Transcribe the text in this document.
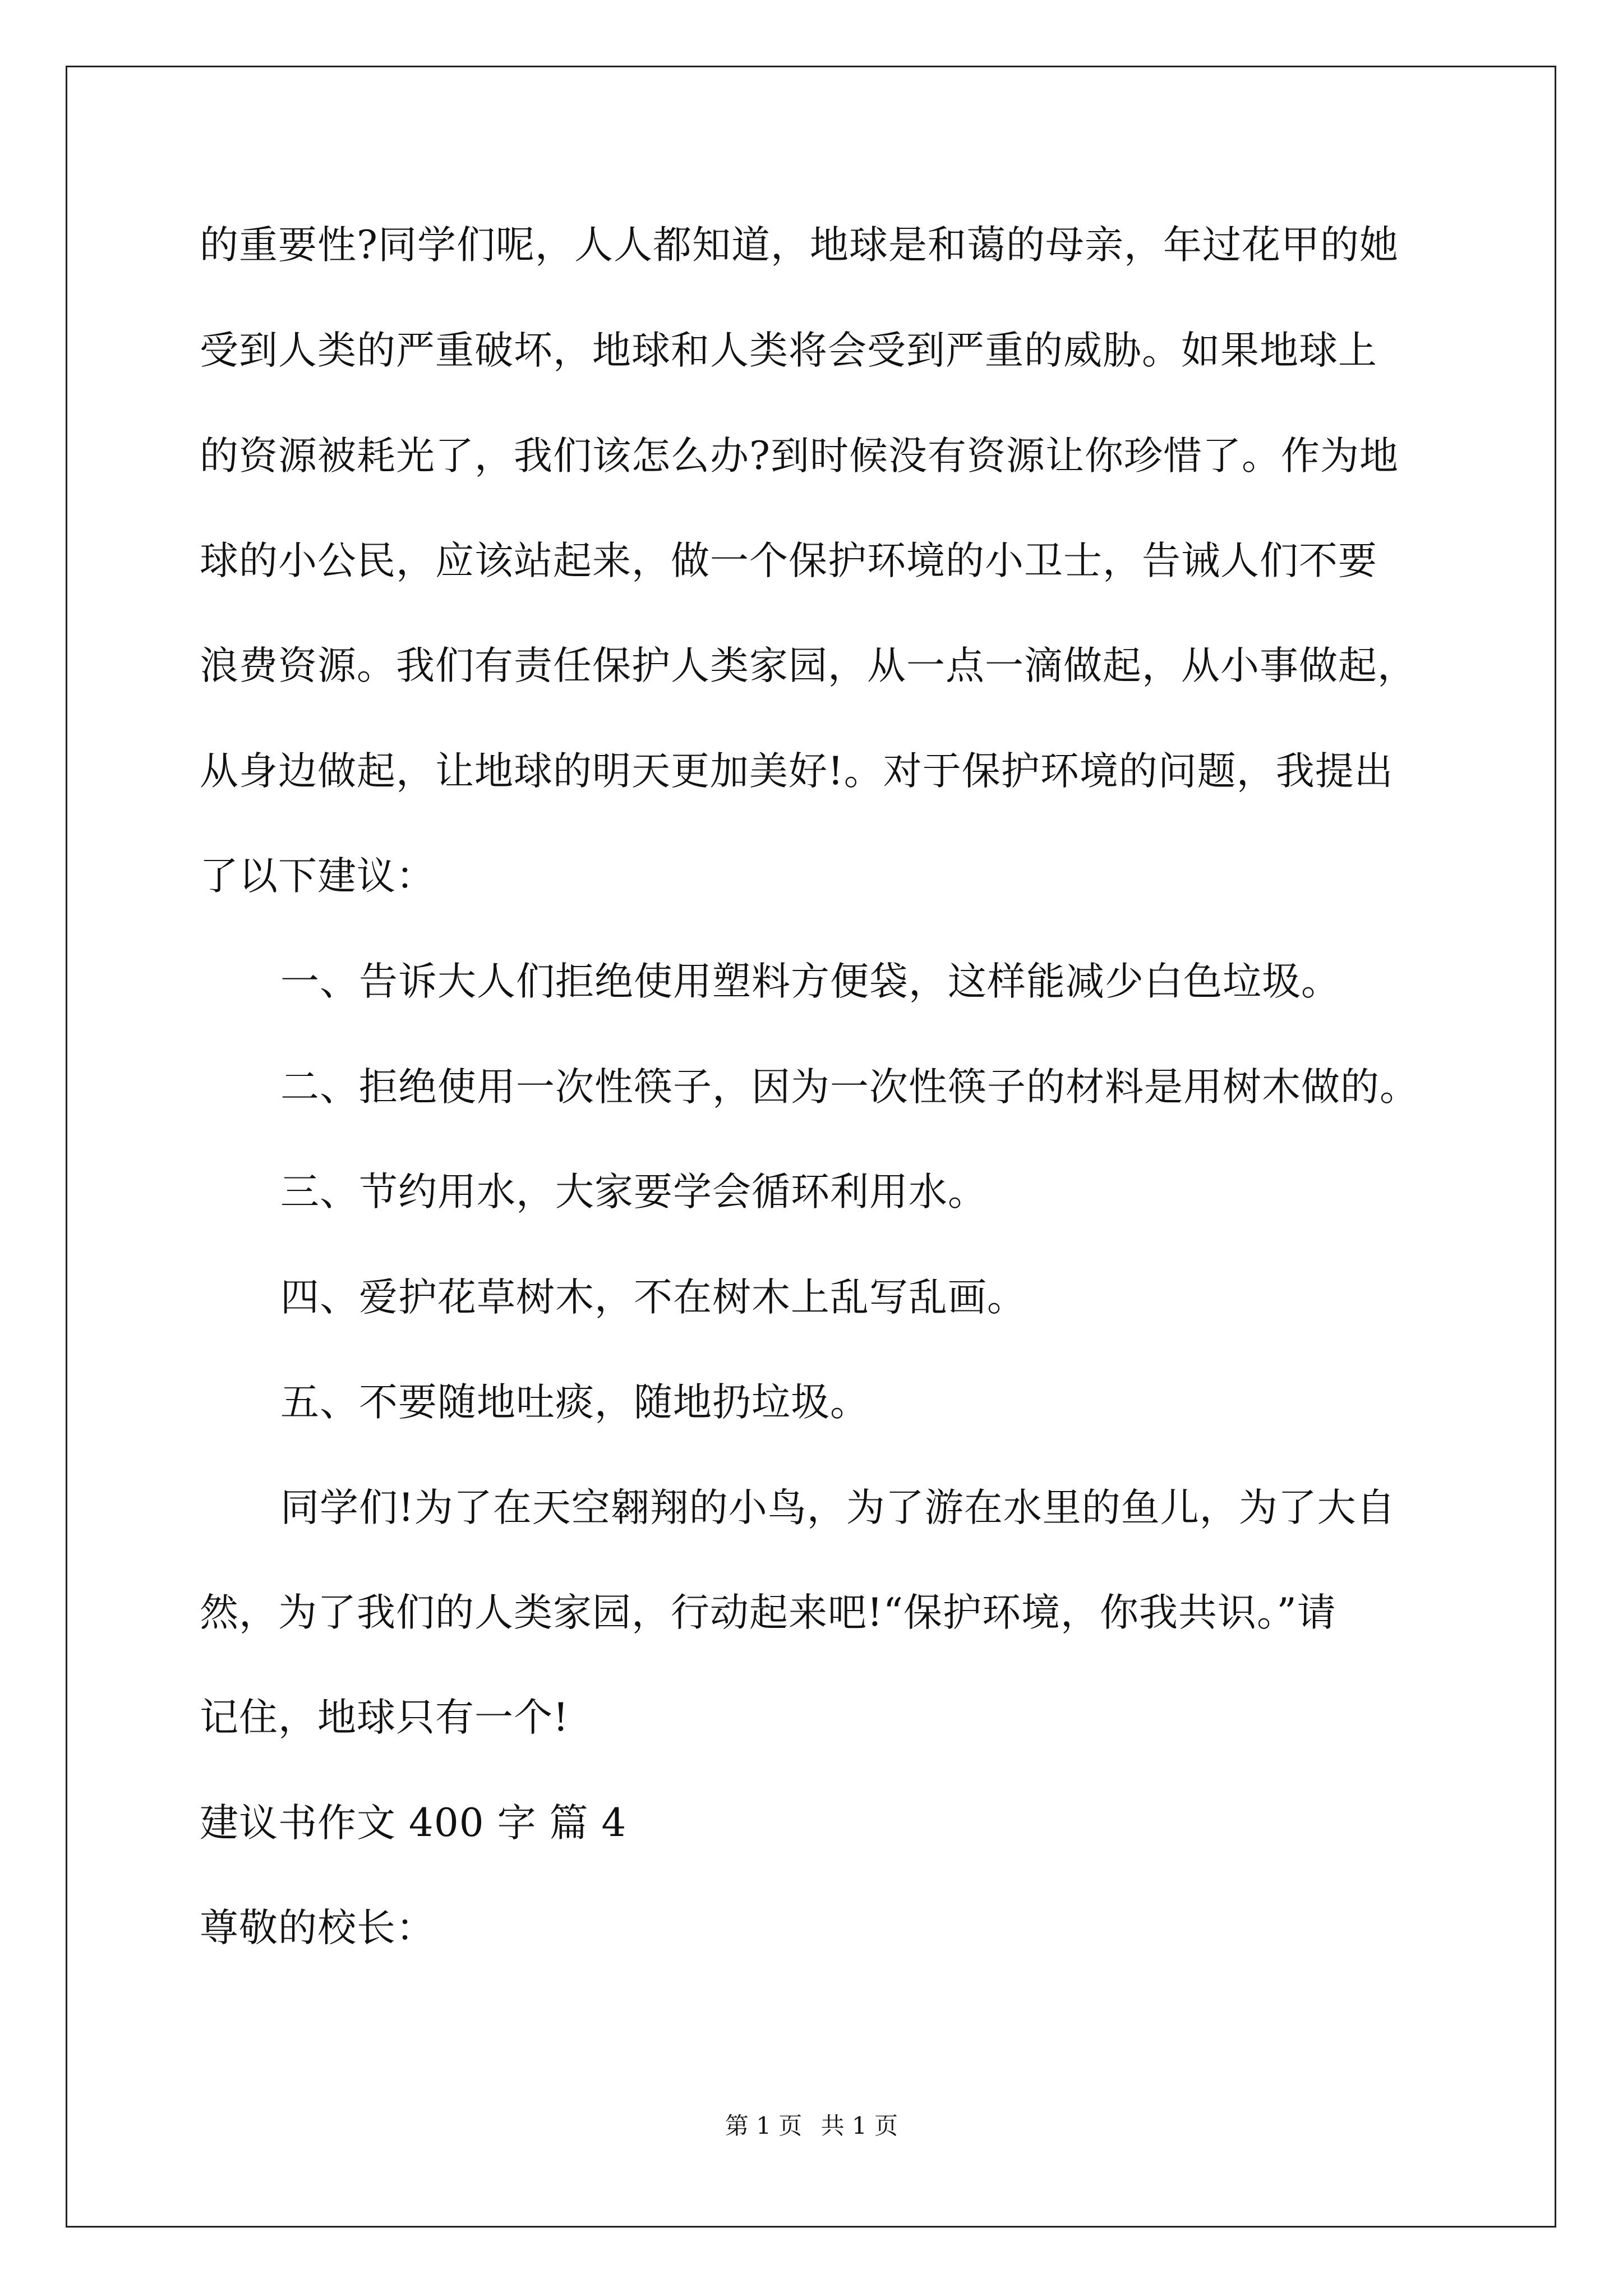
的重要性?同学们呢，人人都知道，地球是和蔼的母亲，年过花甲的她
受到人类的严重破坏，地球和人类将会受到严重的威胁。如果地球上
的资源被耗光了，我们该怎么办?到时候没有资源让你珍惜了。作为地
球的小公民，应该站起来，做一个保护环境的小卫士，告诫人们不要
浪费资源。我们有责任保护人类家园，从一点一滴做起，从小事做起，
从身边做起，让地球的明天更加美好!。对于保护环境的问题，我提出
了以下建议：
一、告诉大人们拒绝使用塑料方便袋，这样能减少白色垃圾。
二、拒绝使用一次性筷子，因为一次性筷子的材料是用树木做的。
三、节约用水，大家要学会循环利用水。
四、爱护花草树木，不在树木上乱写乱画。
五、不要随地吐痰，随地扔垃圾。
同学们!为了在天空翱翔的小鸟，为了游在水里的鱼儿，为了大自
然，为了我们的人类家园，行动起来吧!“保护环境，你我共识。”请
记住，地球只有一个!
建议书作文 400 字 篇 4
尊敬的校长：
第 1 页 共 1 页
